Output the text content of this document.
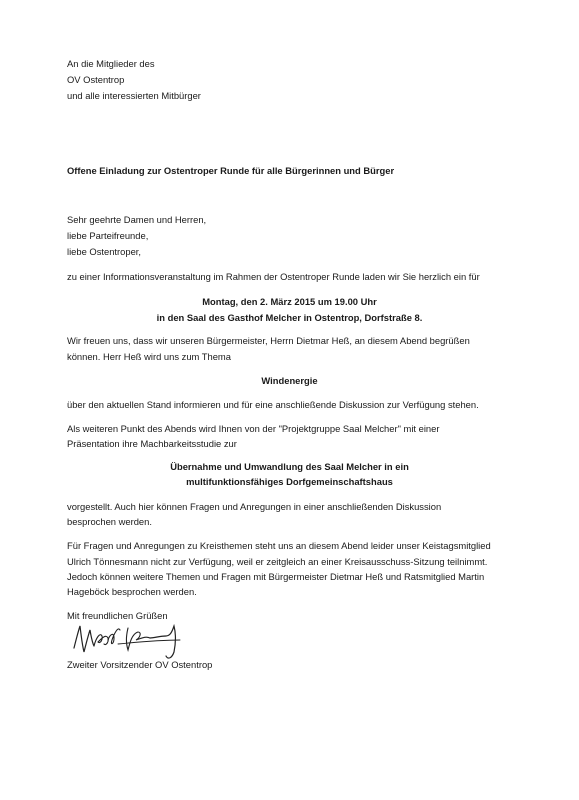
An die Mitglieder des
OV Ostentrop
und alle interessierten Mitbürger
Offene Einladung zur Ostentroper Runde für alle Bürgerinnen und Bürger
Sehr geehrte Damen und Herren,
liebe Parteifreunde,
liebe Ostentroper,
zu einer Informationsveranstaltung im Rahmen der Ostentroper Runde laden wir Sie herzlich ein für
Montag, den 2. März 2015 um 19.00 Uhr
in den Saal des Gasthof Melcher in Ostentrop, Dorfstraße 8.
Wir freuen uns, dass wir unseren Bürgermeister, Herrn Dietmar Heß, an diesem Abend begrüßen
können. Herr Heß wird uns zum Thema
Windenergie
über den aktuellen Stand informieren und für eine anschließende Diskussion zur Verfügung stehen.
Als weiteren Punkt des Abends wird Ihnen von der "Projektgruppe Saal Melcher" mit einer
Präsentation ihre Machbarkeitsstudie zur
Übernahme und Umwandlung des Saal Melcher in ein
multifunktionsfähiges Dorfgemeinschaftshaus
vorgestellt. Auch hier können Fragen und Anregungen in einer anschließenden Diskussion
besprochen werden.
Für Fragen und Anregungen zu Kreisthemen steht uns an diesem Abend leider unser Keistagsmitglied
Ulrich Tönnesmann nicht zur Verfügung, weil er zeitgleich an einer Kreisausschuss-Sitzung teilnimmt.
Jedoch können weitere Themen und Fragen mit Bürgermeister Dietmar Heß und Ratsmitglied Martin
Hageböck besprochen werden.
Mit freundlichen Grüßen
Zweiter Vorsitzender OV Ostentrop
